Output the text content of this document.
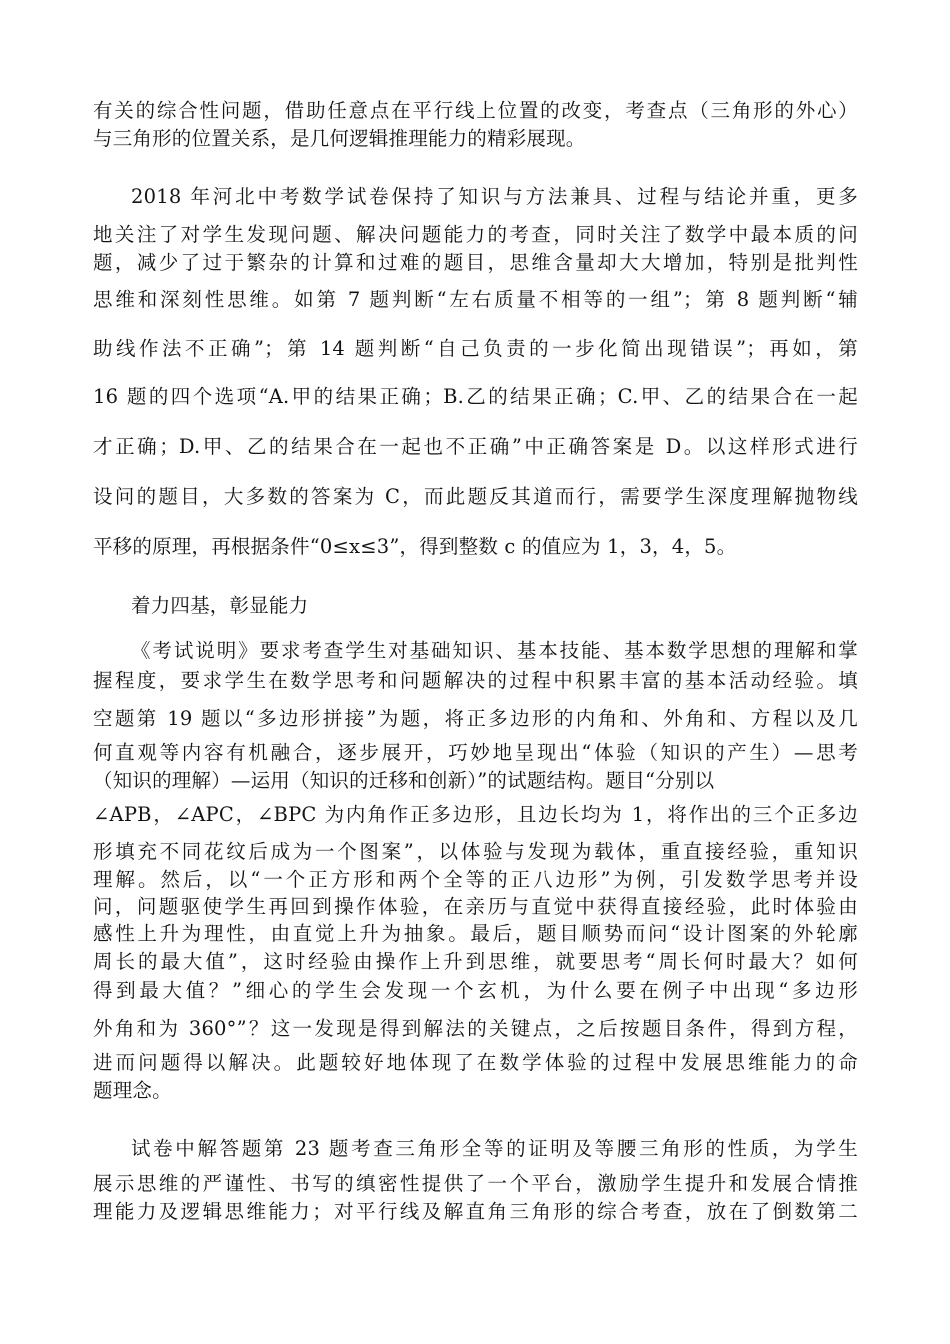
有关的综合性问题，借助任意点在平行线上位置的改变，考查点（三角形的外心）
与三角形的位置关系，是几何逻辑推理能力的精彩展现。
2018 年河北中考数学试卷保持了知识与方法兼具、过程与结论并重，更多
地关注了对学生发现问题、解决问题能力的考查，同时关注了数学中最本质的问
题，减少了过于繁杂的计算和过难的题目，思维含量却大大增加，特别是批判性
思维和深刻性思维。如第 7 题判断“左右质量不相等的一组”；第 8 题判断“辅
助线作法不正确”；第 14 题判断“自己负责的一步化简出现错误”；再如，第
16 题的四个选项“A.甲的结果正确；B.乙的结果正确；C.甲、乙的结果合在一起
才正确；D.甲、乙的结果合在一起也不正确”中正确答案是 D。以这样形式进行
设问的题目，大多数的答案为 C，而此题反其道而行，需要学生深度理解抛物线
平移的原理，再根据条件“0≤x≤3”，得到整数 c 的值应为 1，3，4，5。
着力四基，彰显能力
《考试说明》要求考查学生对基础知识、基本技能、基本数学思想的理解和掌
握程度，要求学生在数学思考和问题解决的过程中积累丰富的基本活动经验。填
空题第 19 题以“多边形拼接”为题，将正多边形的内角和、外角和、方程以及几
何直观等内容有机融合，逐步展开，巧妙地呈现出“体验（知识的产生）—思考
（知识的理解）—运用（知识的迁移和创新）”的试题结构。题目“分别以
∠APB，∠APC，∠BPC 为内角作正多边形，且边长均为 1，将作出的三个正多边
形填充不同花纹后成为一个图案”，以体验与发现为载体，重直接经验，重知识
理解。然后，以“一个正方形和两个全等的正八边形”为例，引发数学思考并设
问，问题驱使学生再回到操作体验，在亲历与直觉中获得直接经验，此时体验由
感性上升为理性，由直觉上升为抽象。最后，题目顺势而问“设计图案的外轮廓
周长的最大值”，这时经验由操作上升到思维，就要思考“周长何时最大？如何
得到最大值？”细心的学生会发现一个玄机，为什么要在例子中出现“多边形
外角和为 360°”？这一发现是得到解法的关键点，之后按题目条件，得到方程，
进而问题得以解决。此题较好地体现了在数学体验的过程中发展思维能力的命
题理念。
试卷中解答题第 23 题考查三角形全等的证明及等腰三角形的性质，为学生
展示思维的严谨性、书写的缜密性提供了一个平台，激励学生提升和发展合情推
理能力及逻辑思维能力；对平行线及解直角三角形的综合考查，放在了倒数第二
